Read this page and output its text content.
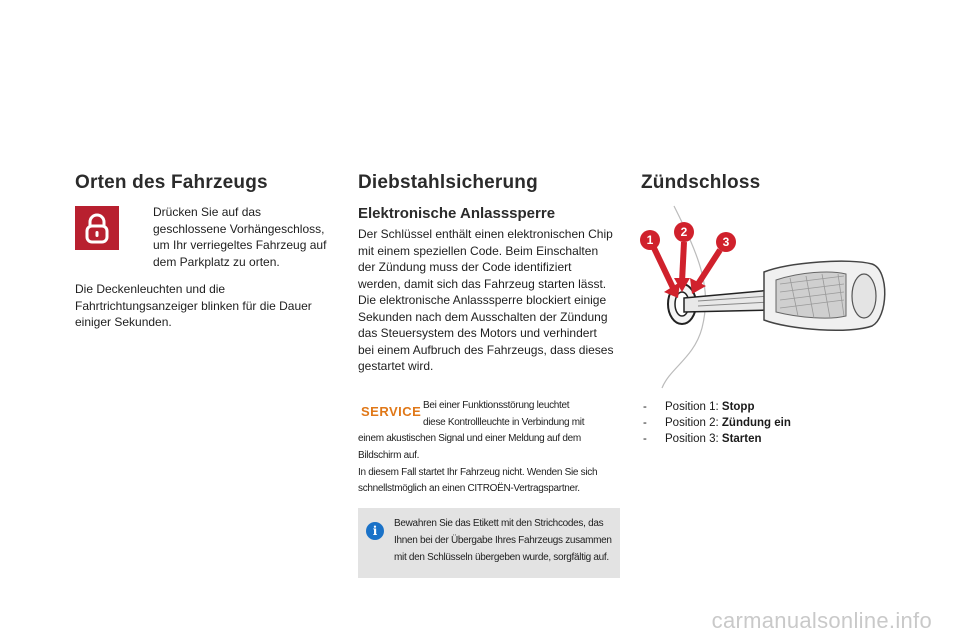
Orten des Fahrzeugs
Drücken Sie auf das
geschlossene Vorhängeschloss,
um Ihr verriegeltes Fahrzeug auf
dem Parkplatz zu orten.
Die Deckenleuchten und die
Fahrtrichtungsanzeiger blinken für die Dauer
einiger Sekunden.
Diebstahlsicherung
Elektronische Anlasssperre
Der Schlüssel enthält einen elektronischen Chip
mit einem speziellen Code. Beim Einschalten
der Zündung muss der Code identifiziert
werden, damit sich das Fahrzeug starten lässt.
Die elektronische Anlasssperre blockiert einige
Sekunden nach dem Ausschalten der Zündung
das Steuersystem des Motors und verhindert
bei einem Aufbruch des Fahrzeugs, dass dieses
gestartet wird.
SERVICE Bei einer Funktionsstörung leuchtet
diese Kontrollleuchte in Verbindung mit
einem akustischen Signal und einer Meldung auf dem
Bildschirm auf.
In diesem Fall startet Ihr Fahrzeug nicht. Wenden Sie sich
schnellstmöglich an einen CITROËN-Vertragspartner.
i
Bewahren Sie das Etikett mit den Strichcodes, das
Ihnen bei der Übergabe Ihres Fahrzeugs zusammen
mit den Schlüsseln übergeben wurde, sorgfältig auf.
Zündschloss
1
2
3
- Position 1: Stopp
- Position 2: Zündung ein
- Position 3: Starten
carmanualsonline.info
